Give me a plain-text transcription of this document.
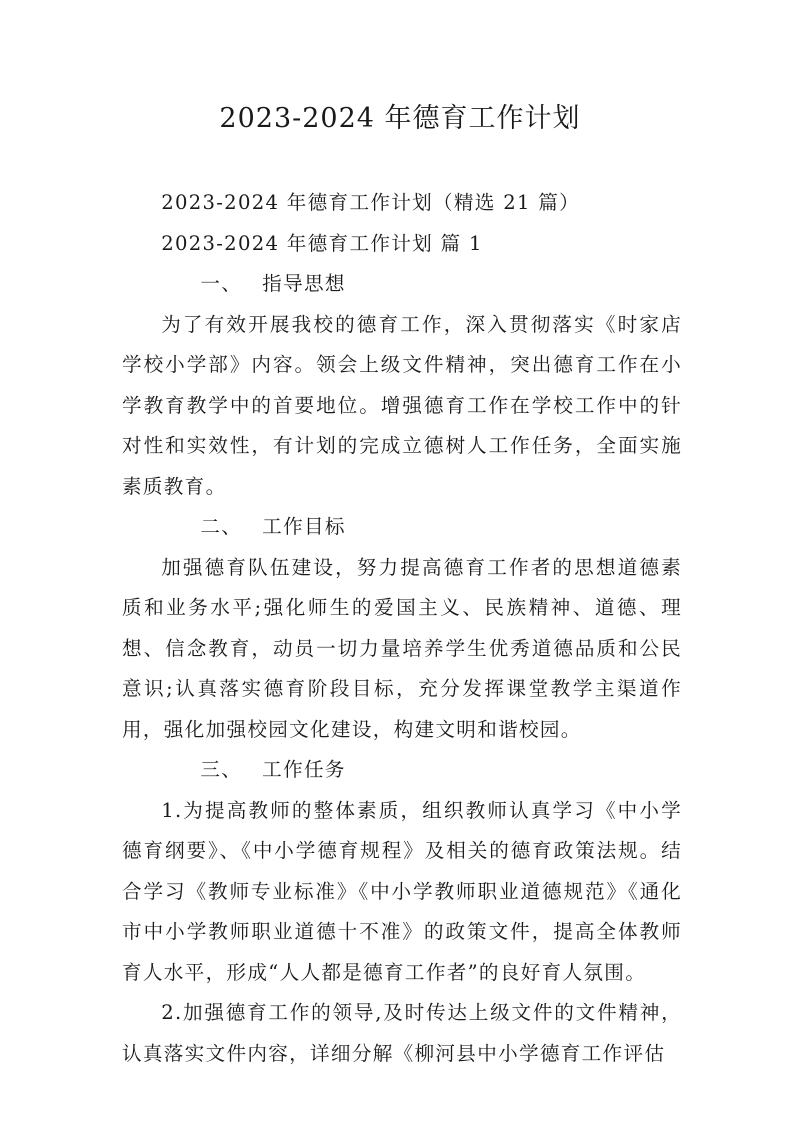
2023-2024 年德育工作计划

2023-2024 年德育工作计划（精选 21 篇）

2023-2024 年德育工作计划 篇 1

一、 指导思想

为了有效开展我校的德育工作，深入贯彻落实《时家店学校小学部》内容。领会上级文件精神，突出德育工作在小学教育教学中的首要地位。增强德育工作在学校工作中的针对性和实效性，有计划的完成立德树人工作任务，全面实施素质教育。

二、 工作目标

加强德育队伍建设，努力提高德育工作者的思想道德素质和业务水平;强化师生的爱国主义、民族精神、道德、理想、信念教育，动员一切力量培养学生优秀道德品质和公民意识;认真落实德育阶段目标，充分发挥课堂教学主渠道作用，强化加强校园文化建设，构建文明和谐校园。

三、 工作任务

1.为提高教师的整体素质，组织教师认真学习《中小学德育纲要》、《中小学德育规程》及相关的德育政策法规。结合学习《教师专业标准》《中小学教师职业道德规范》《通化市中小学教师职业道德十不准》的政策文件，提高全体教师育人水平，形成“人人都是德育工作者”的良好育人氛围。

2.加强德育工作的领导,及时传达上级文件的文件精神，认真落实文件内容，详细分解《柳河县中小学德育工作评估
